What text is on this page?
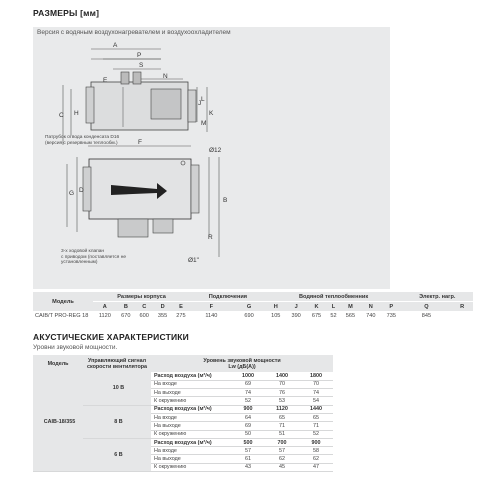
РАЗМЕРЫ [мм]
Версия с водяным воздухонагревателем и воздухоохладителем
A
P
S
N
E
C H
J
K
L
M
F
Ø12
G D
B
R
Ø1"
Патрубок отвода конденсата D16
(версия с резервным теплообм.)
3-х ходовой клапан
с приводом (поставляется не
установленным)
Модель	Размеры корпуса					Подключения		Водяной теплообменник							Электр. нагр.	
	A	B	C	D	E	F	G	H	J	K	L	M	N	P	Q	R
CAIB/T PRO-REG 18	1120	670	600	355	275	1140	690	105	390	675	52	565	740	735	845	
АКУСТИЧЕСКИЕ ХАРАКТЕРИСТИКИ
Уровни звуковой мощности.
Модель	Управляющий сигнал скорости вентилятора	Уровень звуковой мощности
Lw (дБ(А))			

CAIB-18/355	10 В	Расход воздуха (м³/ч)	1000	1400	1800
		На входе	69	70	70
		На выходе	74	76	74
		К окружению	52	53	54
	8 В	Расход воздуха (м³/ч)	900	1120	1440
		На входе	64	65	65
		На выходе	69	71	71
		К окружению	50	51	52
	6 В	Расход воздуха (м³/ч)	500	700	900
		На входе	57	57	58
		На выходе	61	62	62
		К окружению	43	45	47
